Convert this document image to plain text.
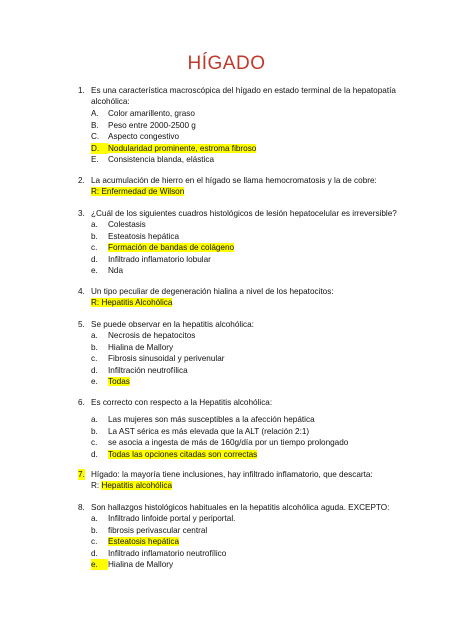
HÍGADO
1. Es una característica macroscópica del hígado en estado terminal de la hepatopatía alcohólica:
A. Color amarillento, graso
B. Peso entre 2000-2500 g
C. Aspecto congestivo
D. Nodularidad prominente, estroma fibroso
E. Consistencia blanda, elástica
2. La acumulación de hierro en el hígado se llama hemocromatosis y la de cobre:
R: Enfermedad de Wilson
3. ¿Cuál de los siguientes cuadros histológicos de lesión hepatocelular es irreversible?
a. Colestasis
b. Esteatosis hepática
c. Formación de bandas de colágeno
d. Infiltrado inflamatorio lobular
e. Nda
4. Un tipo peculiar de degeneración hialina a nivel de los hepatocitos:
R: Hepatitis Alcohólica
5. Se puede observar en la hepatitis alcohólica:
a. Necrosis de hepatocitos
b. Hialina de Mallory
c. Fibrosis sinusoidal y perivenular
d. Infiltración neutrofílica
e. Todas
6. Es correcto con respecto a la Hepatitis alcohólica:
a. Las mujeres son más susceptibles a la afección hepática
b. La AST sérica es más elevada que la ALT (relación 2:1)
c. se asocia a ingesta de más de 160g/día por un tiempo prolongado
d. Todas las opciones citadas son correctas
7. Hígado: la mayoría tiene inclusiones, hay infiltrado inflamatorio, que descarta:
R: Hepatitis alcohólica
8. Son hallazgos histológicos habituales en la hepatitis alcohólica aguda. EXCEPTO:
a. Infiltrado linfoide portal y periportal.
b. fibrosis perivascular central
c. Esteatosis hepática
d. Infiltrado inflamatorio neutrofílico
e. Hialina de Mallory
